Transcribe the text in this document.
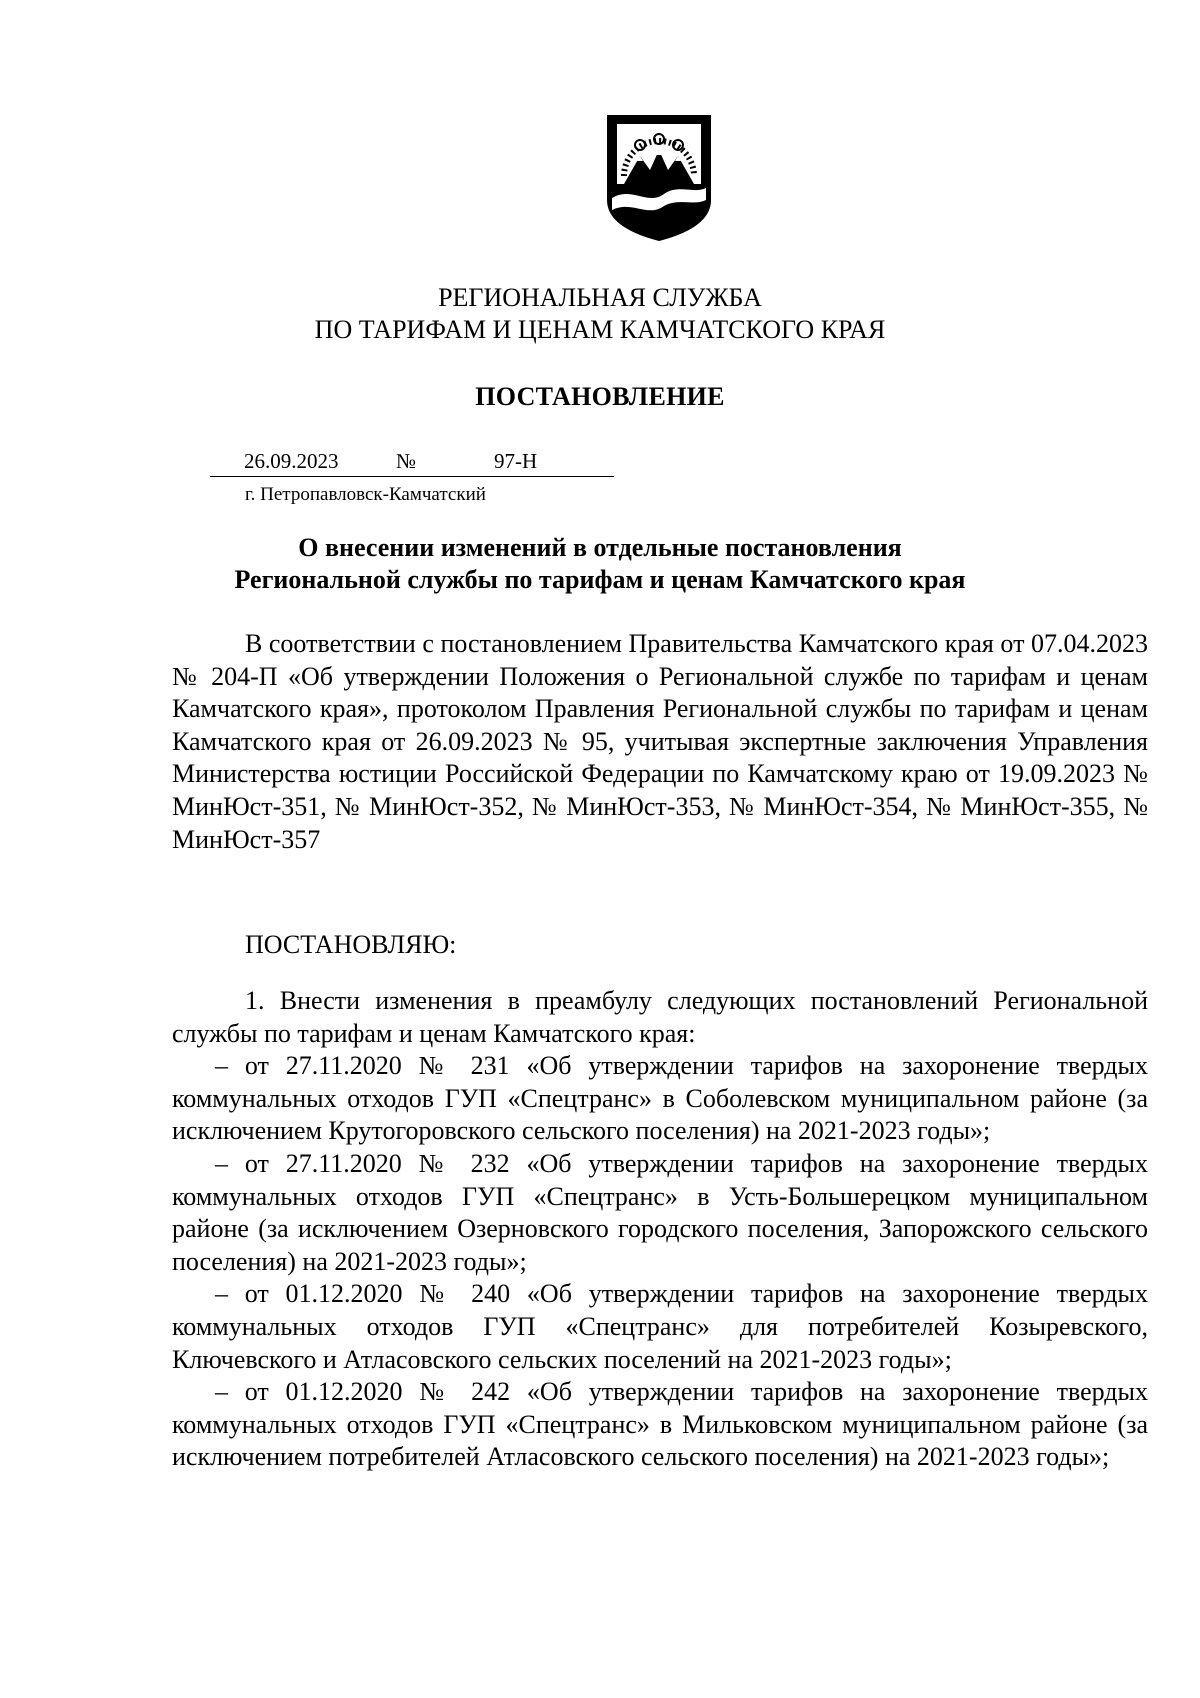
РЕГИОНАЛЬНАЯ СЛУЖБА
ПО ТАРИФАМ И ЦЕНАМ КАМЧАТСКОГО КРАЯ
ПОСТАНОВЛЕНИЕ
26.09.2023	№	97-Н
г. Петропавловск-Камчатский
О внесении изменений в отдельные постановления
Региональной службы по тарифам и ценам Камчатского края

В соответствии с постановлением Правительства Камчатского края от 07.04.2023 № 204-П «Об утверждении Положения о Региональной службе по тарифам и ценам Камчатского края», протоколом Правления Региональной службы по тарифам и ценам Камчатского края от 26.09.2023 № 95, учитывая экспертные заключения Управления Министерства юстиции Российской Федерации по Камчатскому краю от 19.09.2023 № МинЮст-351, № МинЮст-352, № МинЮст-353, № МинЮст-354, № МинЮст-355, № МинЮст-357

ПОСТАНОВЛЯЮ:

1. Внести изменения в преамбулу следующих постановлений Региональной службы по тарифам и ценам Камчатского края:

– от 27.11.2020 № 231 «Об утверждении тарифов на захоронение твердых коммунальных отходов ГУП «Спецтранс» в Соболевском муниципальном районе (за исключением Крутогоровского сельского поселения) на 2021-2023 годы»;

– от 27.11.2020 № 232 «Об утверждении тарифов на захоронение твердых коммунальных отходов ГУП «Спецтранс» в Усть-Большерецком муниципальном районе (за исключением Озерновского городского поселения, Запорожского сельского поселения) на 2021-2023 годы»;

– от 01.12.2020 № 240 «Об утверждении тарифов на захоронение твердых коммунальных отходов ГУП «Спецтранс» для потребителей Козыревского, Ключевского и Атласовского сельских поселений на 2021-2023 годы»;

– от 01.12.2020 № 242 «Об утверждении тарифов на захоронение твердых коммунальных отходов ГУП «Спецтранс» в Мильковском муниципальном районе (за исключением потребителей Атласовского сельского поселения) на 2021-2023 годы»;
